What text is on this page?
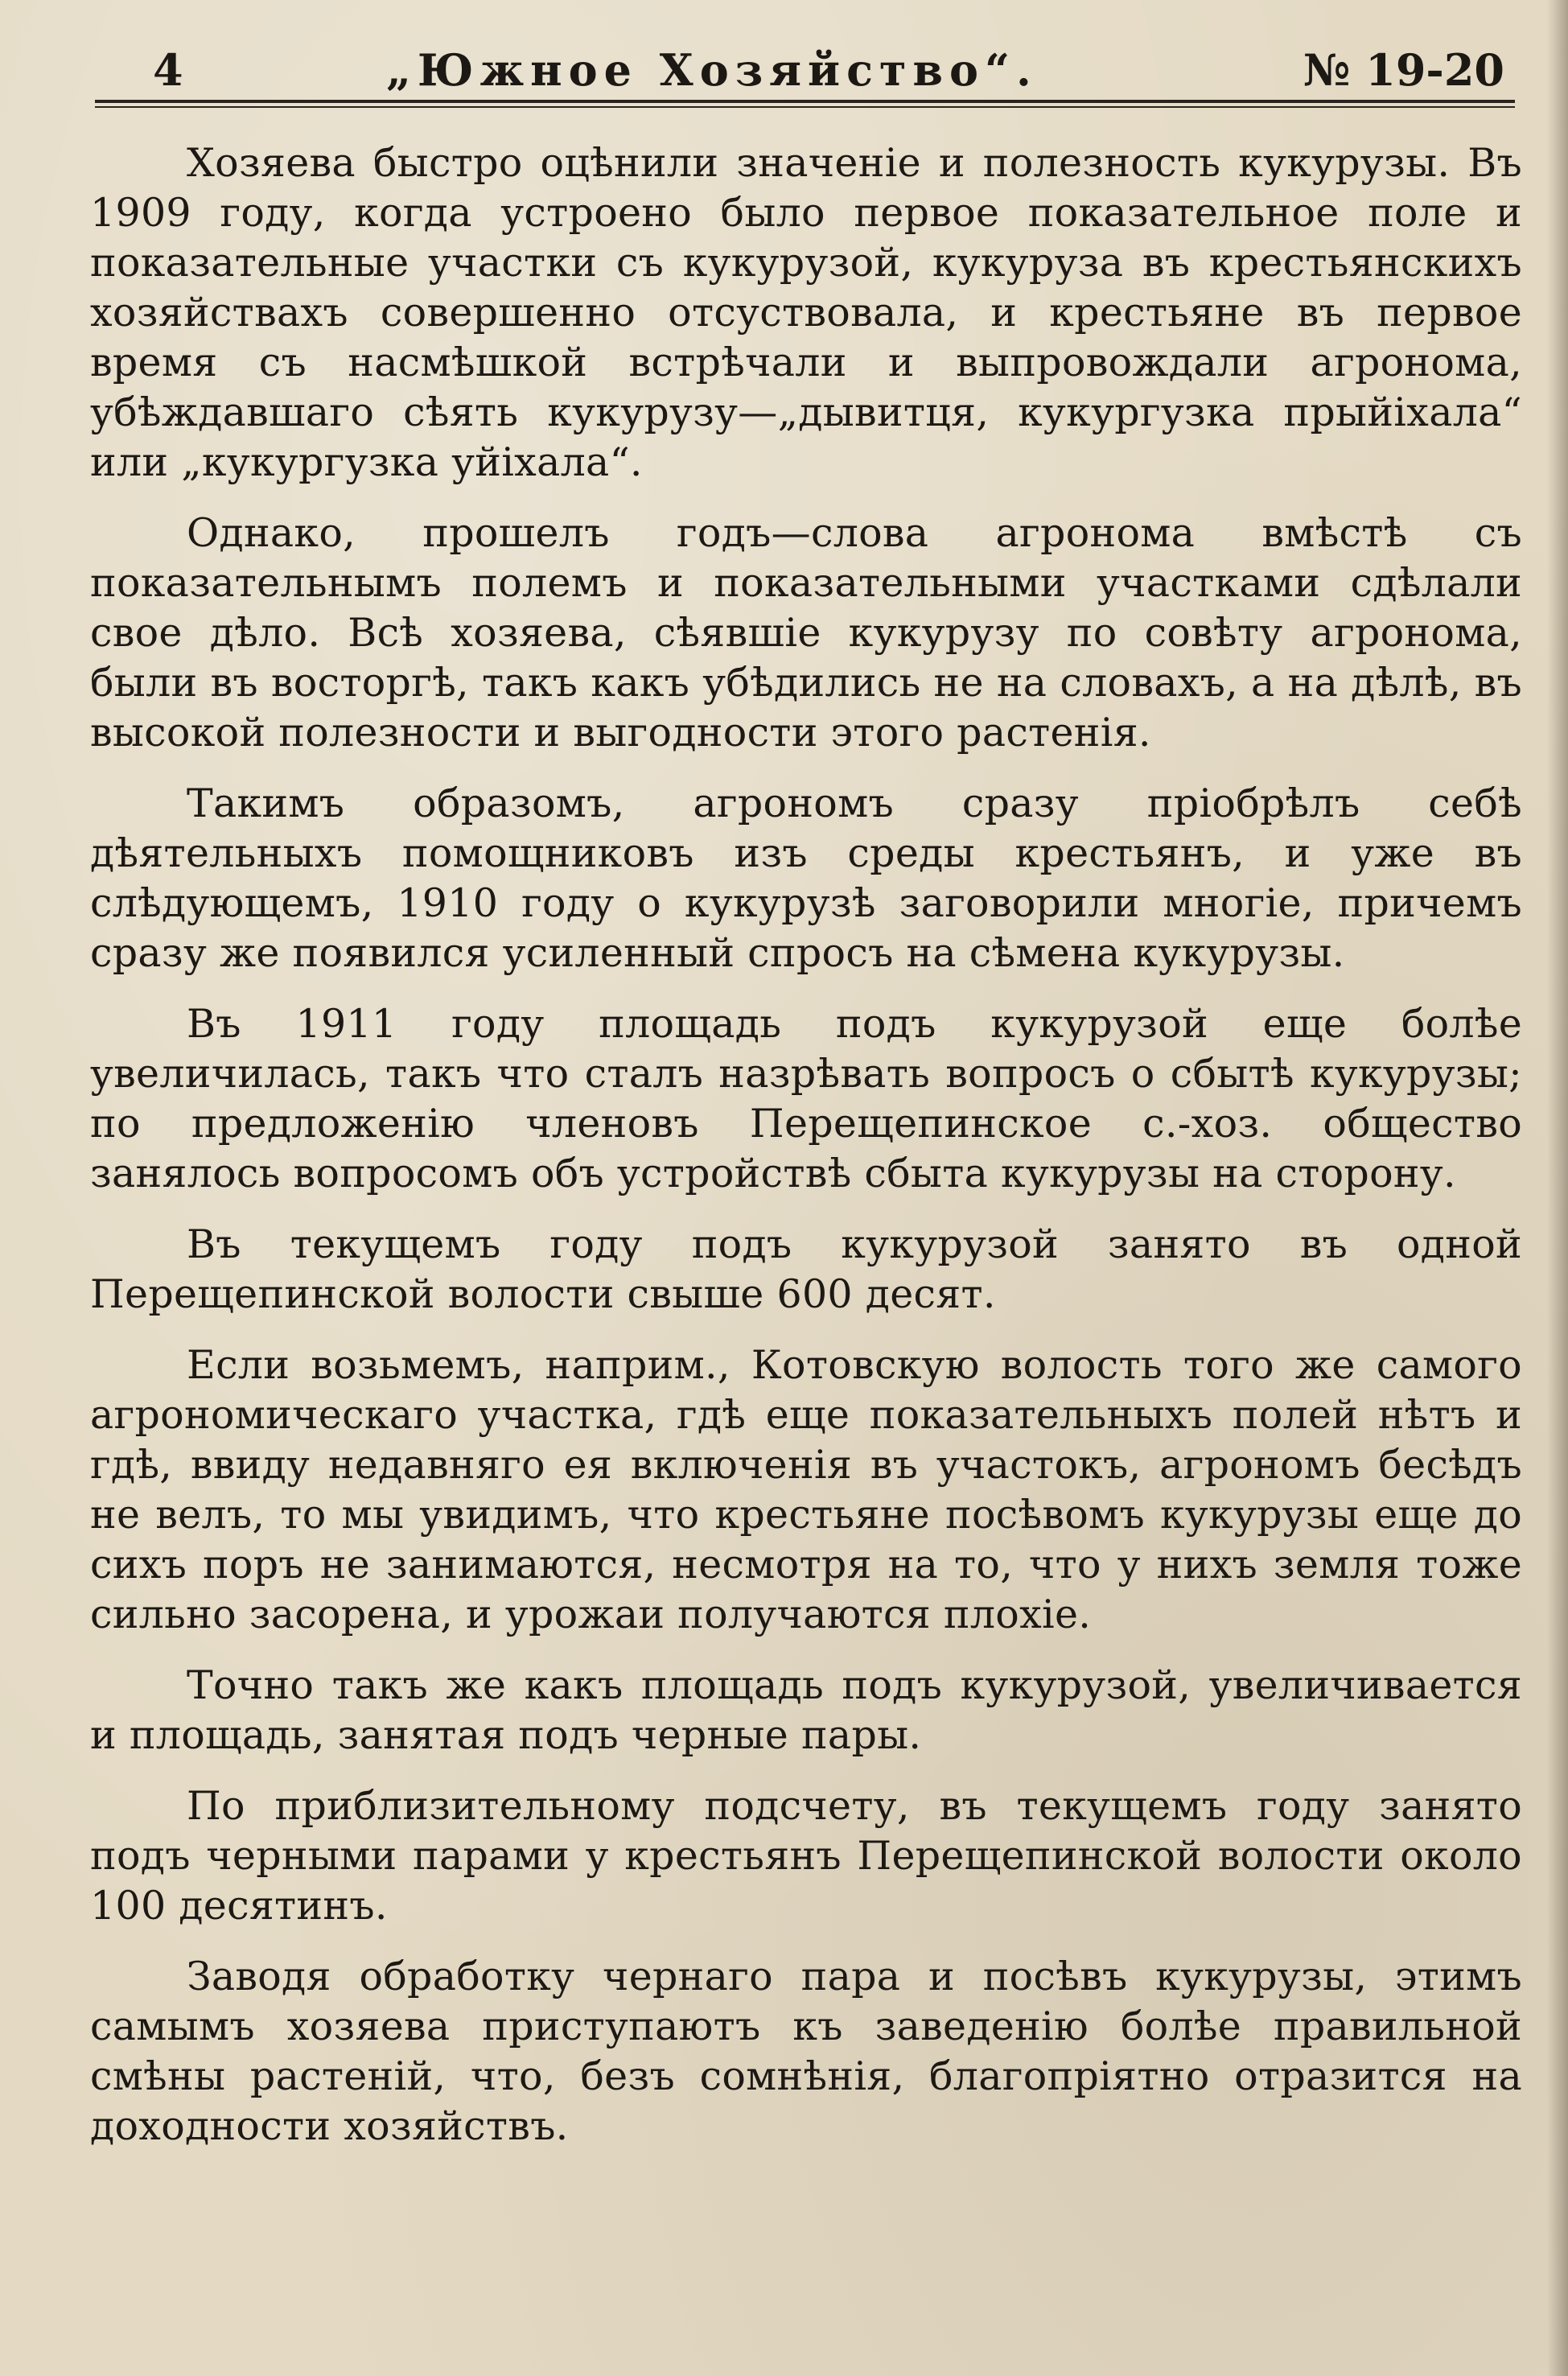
4	„Южное Хозяйство“.	№ 19-20

Хозяева быстро оцѣнили значенiе и полезность кукурузы. Въ 1909 году, когда устроено было первое показательное поле и показательные участки съ кукурузой, кукуруза въ крестьянскихъ хозяйствахъ совершенно отсуствовала, и крестьяне въ первое время съ насмѣшкой встрѣчали и выпровождали агронома, убѣждавшаго сѣять кукурузу—„дывитця, кукургузка прыйiхала“ или „кукургузка уйiхала“.

Однако, прошелъ годъ—слова агронома вмѣстѣ съ показательнымъ полемъ и показательными участками сдѣлали свое дѣло. Всѣ хозяева, сѣявшiе кукурузу по совѣту агронома, были въ восторгѣ, такъ какъ убѣдились не на словахъ, а на дѣлѣ, въ высокой полезности и выгодности этого растенiя.

Такимъ образомъ, агрономъ сразу прiобрѣлъ себѣ дѣятельныхъ помощниковъ изъ среды крестьянъ, и уже въ слѣдующемъ, 1910 году о кукурузѣ заговорили многiе, причемъ сразу же появился усиленный спросъ на сѣмена кукурузы.

Въ 1911 году площадь подъ кукурузой еще болѣе увеличилась, такъ что сталъ назрѣвать вопросъ о сбытѣ кукурузы; по предложенiю членовъ Перещепинское с.-хоз. общество занялось вопросомъ объ устройствѣ сбыта кукурузы на сторону.

Въ текущемъ году подъ кукурузой занято въ одной Перещепинской волости свыше 600 десят.

Если возьмемъ, наприм., Котовскую волость того же самого агрономическаго участка, гдѣ еще показательныхъ полей нѣтъ и гдѣ, ввиду недавняго ея включенiя въ участокъ, агрономъ бесѣдъ не велъ, то мы увидимъ, что крестьяне посѣвомъ кукурузы еще до сихъ поръ не занимаются, несмотря на то, что у нихъ земля тоже сильно засорена, и урожаи получаются плохiе.

Точно такъ же какъ площадь подъ кукурузой, увеличивается и площадь, занятая подъ черные пары.

По приблизительному подсчету, въ текущемъ году занято подъ черными парами у крестьянъ Перещепинской волости около 100 десятинъ.

Заводя обработку чернаго пара и посѣвъ кукурузы, этимъ самымъ хозяева приступаютъ къ заведенiю болѣе правильной смѣны растенiй, что, безъ сомнѣнiя, благопрiятно отразится на доходности хозяйствъ.
